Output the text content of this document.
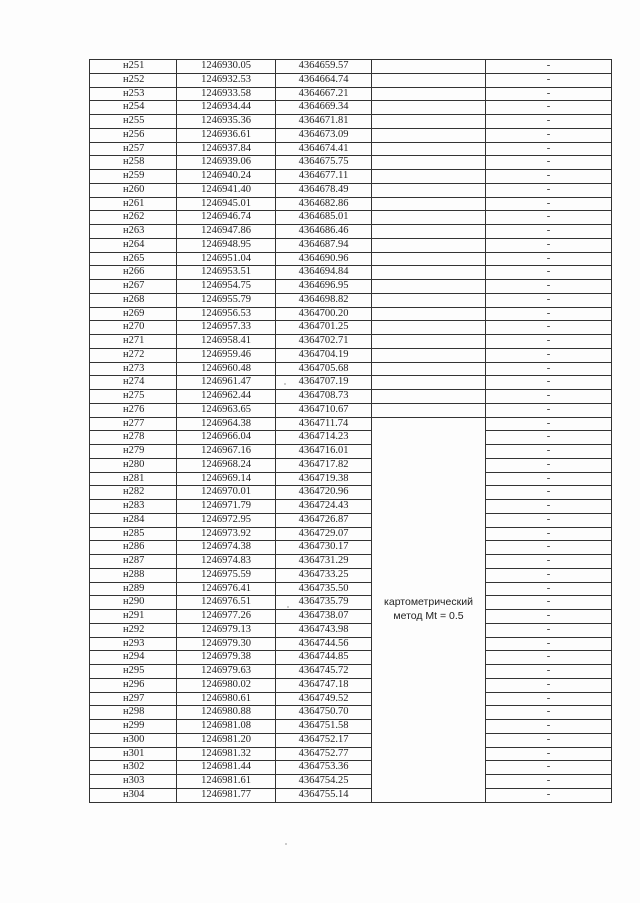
н251	1246930.05	4364659.57		-
н252	1246932.53	4364664.74		-
н253	1246933.58	4364667.21		-
н254	1246934.44	4364669.34		-
н255	1246935.36	4364671.81		-
н256	1246936.61	4364673.09		-
н257	1246937.84	4364674.41		-
н258	1246939.06	4364675.75		-
н259	1246940.24	4364677.11		-
н260	1246941.40	4364678.49		-
н261	1246945.01	4364682.86		-
н262	1246946.74	4364685.01		-
н263	1246947.86	4364686.46		-
н264	1246948.95	4364687.94		-
н265	1246951.04	4364690.96		-
н266	1246953.51	4364694.84		-
н267	1246954.75	4364696.95		-
н268	1246955.79	4364698.82		-
н269	1246956.53	4364700.20		-
н270	1246957.33	4364701.25		-
н271	1246958.41	4364702.71		-
н272	1246959.46	4364704.19		-
н273	1246960.48	4364705.68		-
н274	1246961.47	4364707.19		-
н275	1246962.44	4364708.73		-
н276	1246963.65	4364710.67		-
н277	1246964.38	4364711.74	картометрический метод Mt = 0.5	-
н278	1246966.04	4364714.23		-
н279	1246967.16	4364716.01		-
н280	1246968.24	4364717.82		-
н281	1246969.14	4364719.38		-
н282	1246970.01	4364720.96		-
н283	1246971.79	4364724.43		-
н284	1246972.95	4364726.87		-
н285	1246973.92	4364729.07		-
н286	1246974.38	4364730.17		-
н287	1246974.83	4364731.29		-
н288	1246975.59	4364733.25		-
н289	1246976.41	4364735.50		-
н290	1246976.51	4364735.79		-
н291	1246977.26	4364738.07		-
н292	1246979.13	4364743.98		-
н293	1246979.30	4364744.56		-
н294	1246979.38	4364744.85		-
н295	1246979.63	4364745.72		-
н296	1246980.02	4364747.18		-
н297	1246980.61	4364749.52		-
н298	1246980.88	4364750.70		-
н299	1246981.08	4364751.58		-
н300	1246981.20	4364752.17		-
н301	1246981.32	4364752.77		-
н302	1246981.44	4364753.36		-
н303	1246981.61	4364754.25		-
н304	1246981.77	4364755.14		-
